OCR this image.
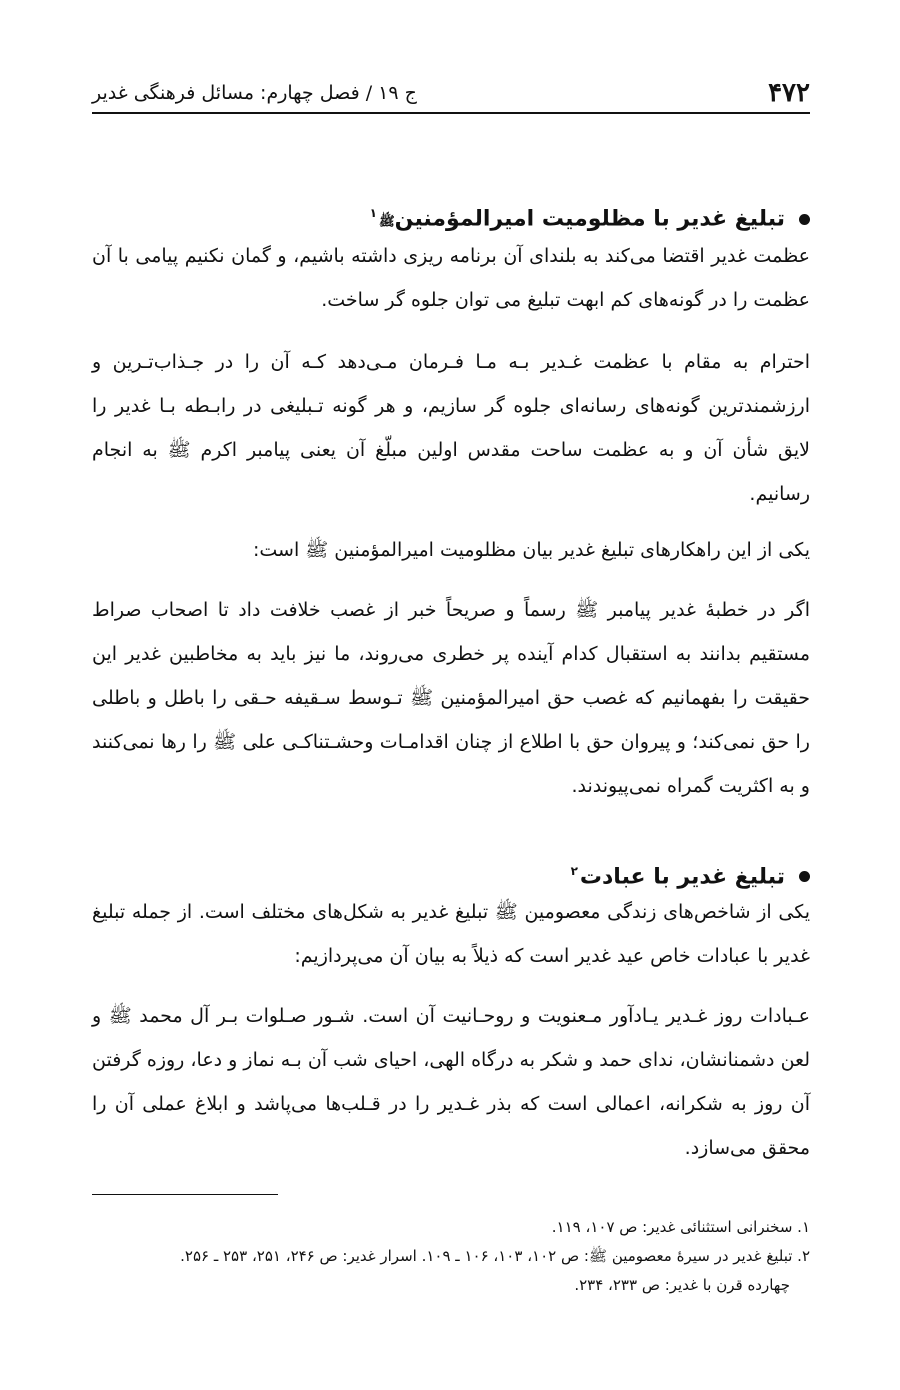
۴۷۲
ج ۱۹ / فصل چهارم: مسائل فرهنگی غدیر
تبلیغ غدیر با مظلومیت امیرالمؤمنینﷺ$^۱$

عظمت غدیر اقتضا می‌کند به بلندای آن برنامه ریزی داشته باشیم، و گمان نکنیم پیامی با آن عظمت را در گونه‌های کم ابهت تبلیغ می توان جلوه گر ساخت.

احترام به مقام با عظمت غـدیر بـه مـا فـرمان مـی‌دهد کـه آن را در جـذاب‌تـرین و ارزشمندترین گونه‌های رسانه‌ای جلوه گر سازیم، و هر گونه تـبلیغی در رابـطه بـا غدیر را لایق شأن آن و به عظمت ساحت مقدس اولین مبلّغ آن یعنی پیامبر اکرم ﷺ به انجام رسانیم.

یکی از این راهکارهای تبلیغ غدیر بیان مظلومیت امیرالمؤمنین ﷺ است:

اگر در خطبۀ غدیر پیامبر ﷺ رسماً و صریحاً خبر از غصب خلافت داد تا اصحاب صراط مستقیم بدانند به استقبال کدام آینده پر خطری می‌روند، ما نیز باید به مخاطبین غدیر این حقیقت را بفهمانیم که غصب حق امیرالمؤمنین ﷺ تـوسط سـقیفه حـقی را باطل و باطلی را حق نمی‌کند؛ و پیروان حق با اطلاع از چنان اقدامـات وحشـتناکـی علی ﷺ را رها نمی‌کنند و به اکثریت گمراه نمی‌پیوندند.

تبلیغ غدیر با عبادت$^۲$

یکی از شاخص‌های زندگی معصومین ﷺ تبلیغ غدیر به شکل‌های مختلف است. از جمله تبلیغ غدیر با عبادات خاص عید غدیر است که ذیلاً به بیان آن می‌پردازیم:

عـبادات روز غـدیر یـادآور مـعنویت و روحـانیت آن است. شـور صـلوات بـر آل محمد ﷺ و لعن دشمنانشان، ندای حمد و شکر به درگاه الهی، احیای شب آن بـه نماز و دعا، روزه گرفتن آن روز به شکرانه، اعمالی است که بذر غـدیر را در قـلب‌ها می‌پاشد و ابلاغ عملی آن را محقق می‌سازد.

۱. سخنرانی استثنائی غدیر: ص ۱۰۷، ۱۱۹.

۲. تبلیغ غدیر در سیرۀ معصومین ﷺ: ص ۱۰۲، ۱۰۳، ۱۰۶ ـ ۱۰۹. اسرار غدیر: ص ۲۴۶، ۲۵۱، ۲۵۳ ـ ۲۵۶.

چهارده قرن با غدیر: ص ۲۳۳، ۲۳۴.
